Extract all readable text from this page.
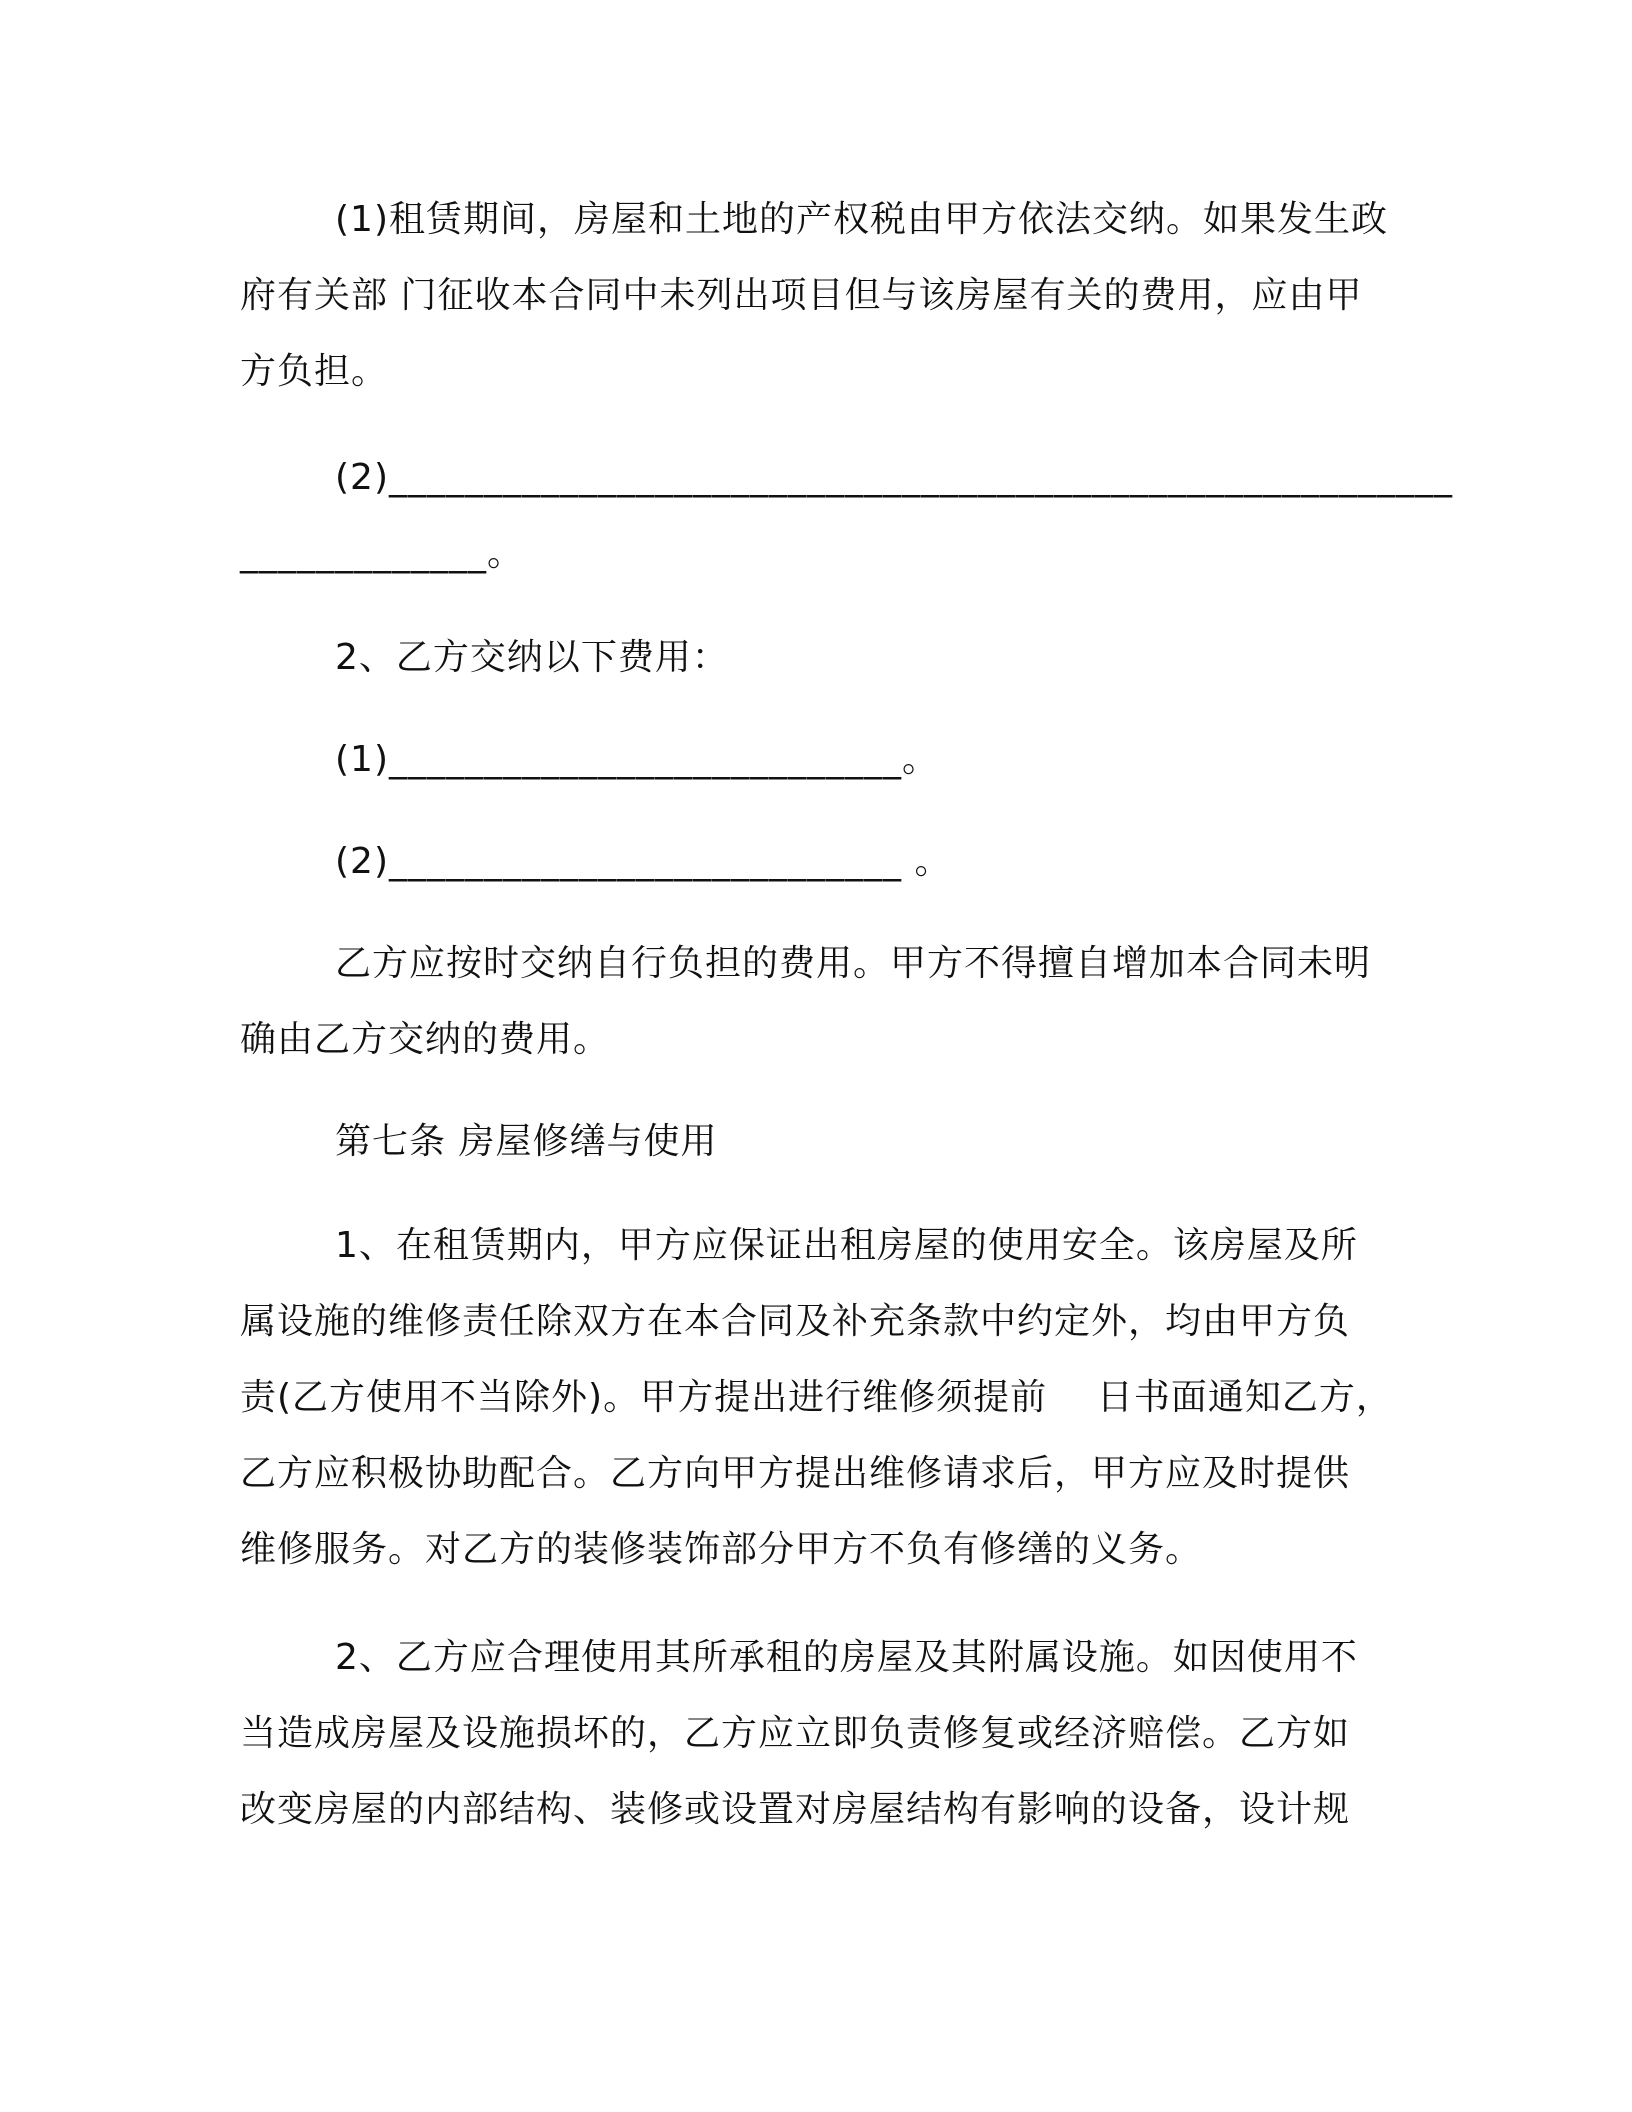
(1)租赁期间，房屋和土地的产权税由甲方依法交纳。如果发生政
府有关部 门征收本合同中未列出项目但与该房屋有关的费用，应由甲
方负担。
(2)________________________________________________________
_____________。
2、乙方交纳以下费用：
(1)___________________________。
(2)___________________________ 。
乙方应按时交纳自行负担的费用。甲方不得擅自增加本合同未明
确由乙方交纳的费用。
第七条 房屋修缮与使用
1、在租赁期内，甲方应保证出租房屋的使用安全。该房屋及所
属设施的维修责任除双方在本合同及补充条款中约定外，均由甲方负
责(乙方使用不当除外)。甲方提出进行维修须提前    日书面通知乙方，
乙方应积极协助配合。乙方向甲方提出维修请求后，甲方应及时提供
维修服务。对乙方的装修装饰部分甲方不负有修缮的义务。
2、乙方应合理使用其所承租的房屋及其附属设施。如因使用不
当造成房屋及设施损坏的，乙方应立即负责修复或经济赔偿。乙方如
改变房屋的内部结构、装修或设置对房屋结构有影响的设备，设计规
